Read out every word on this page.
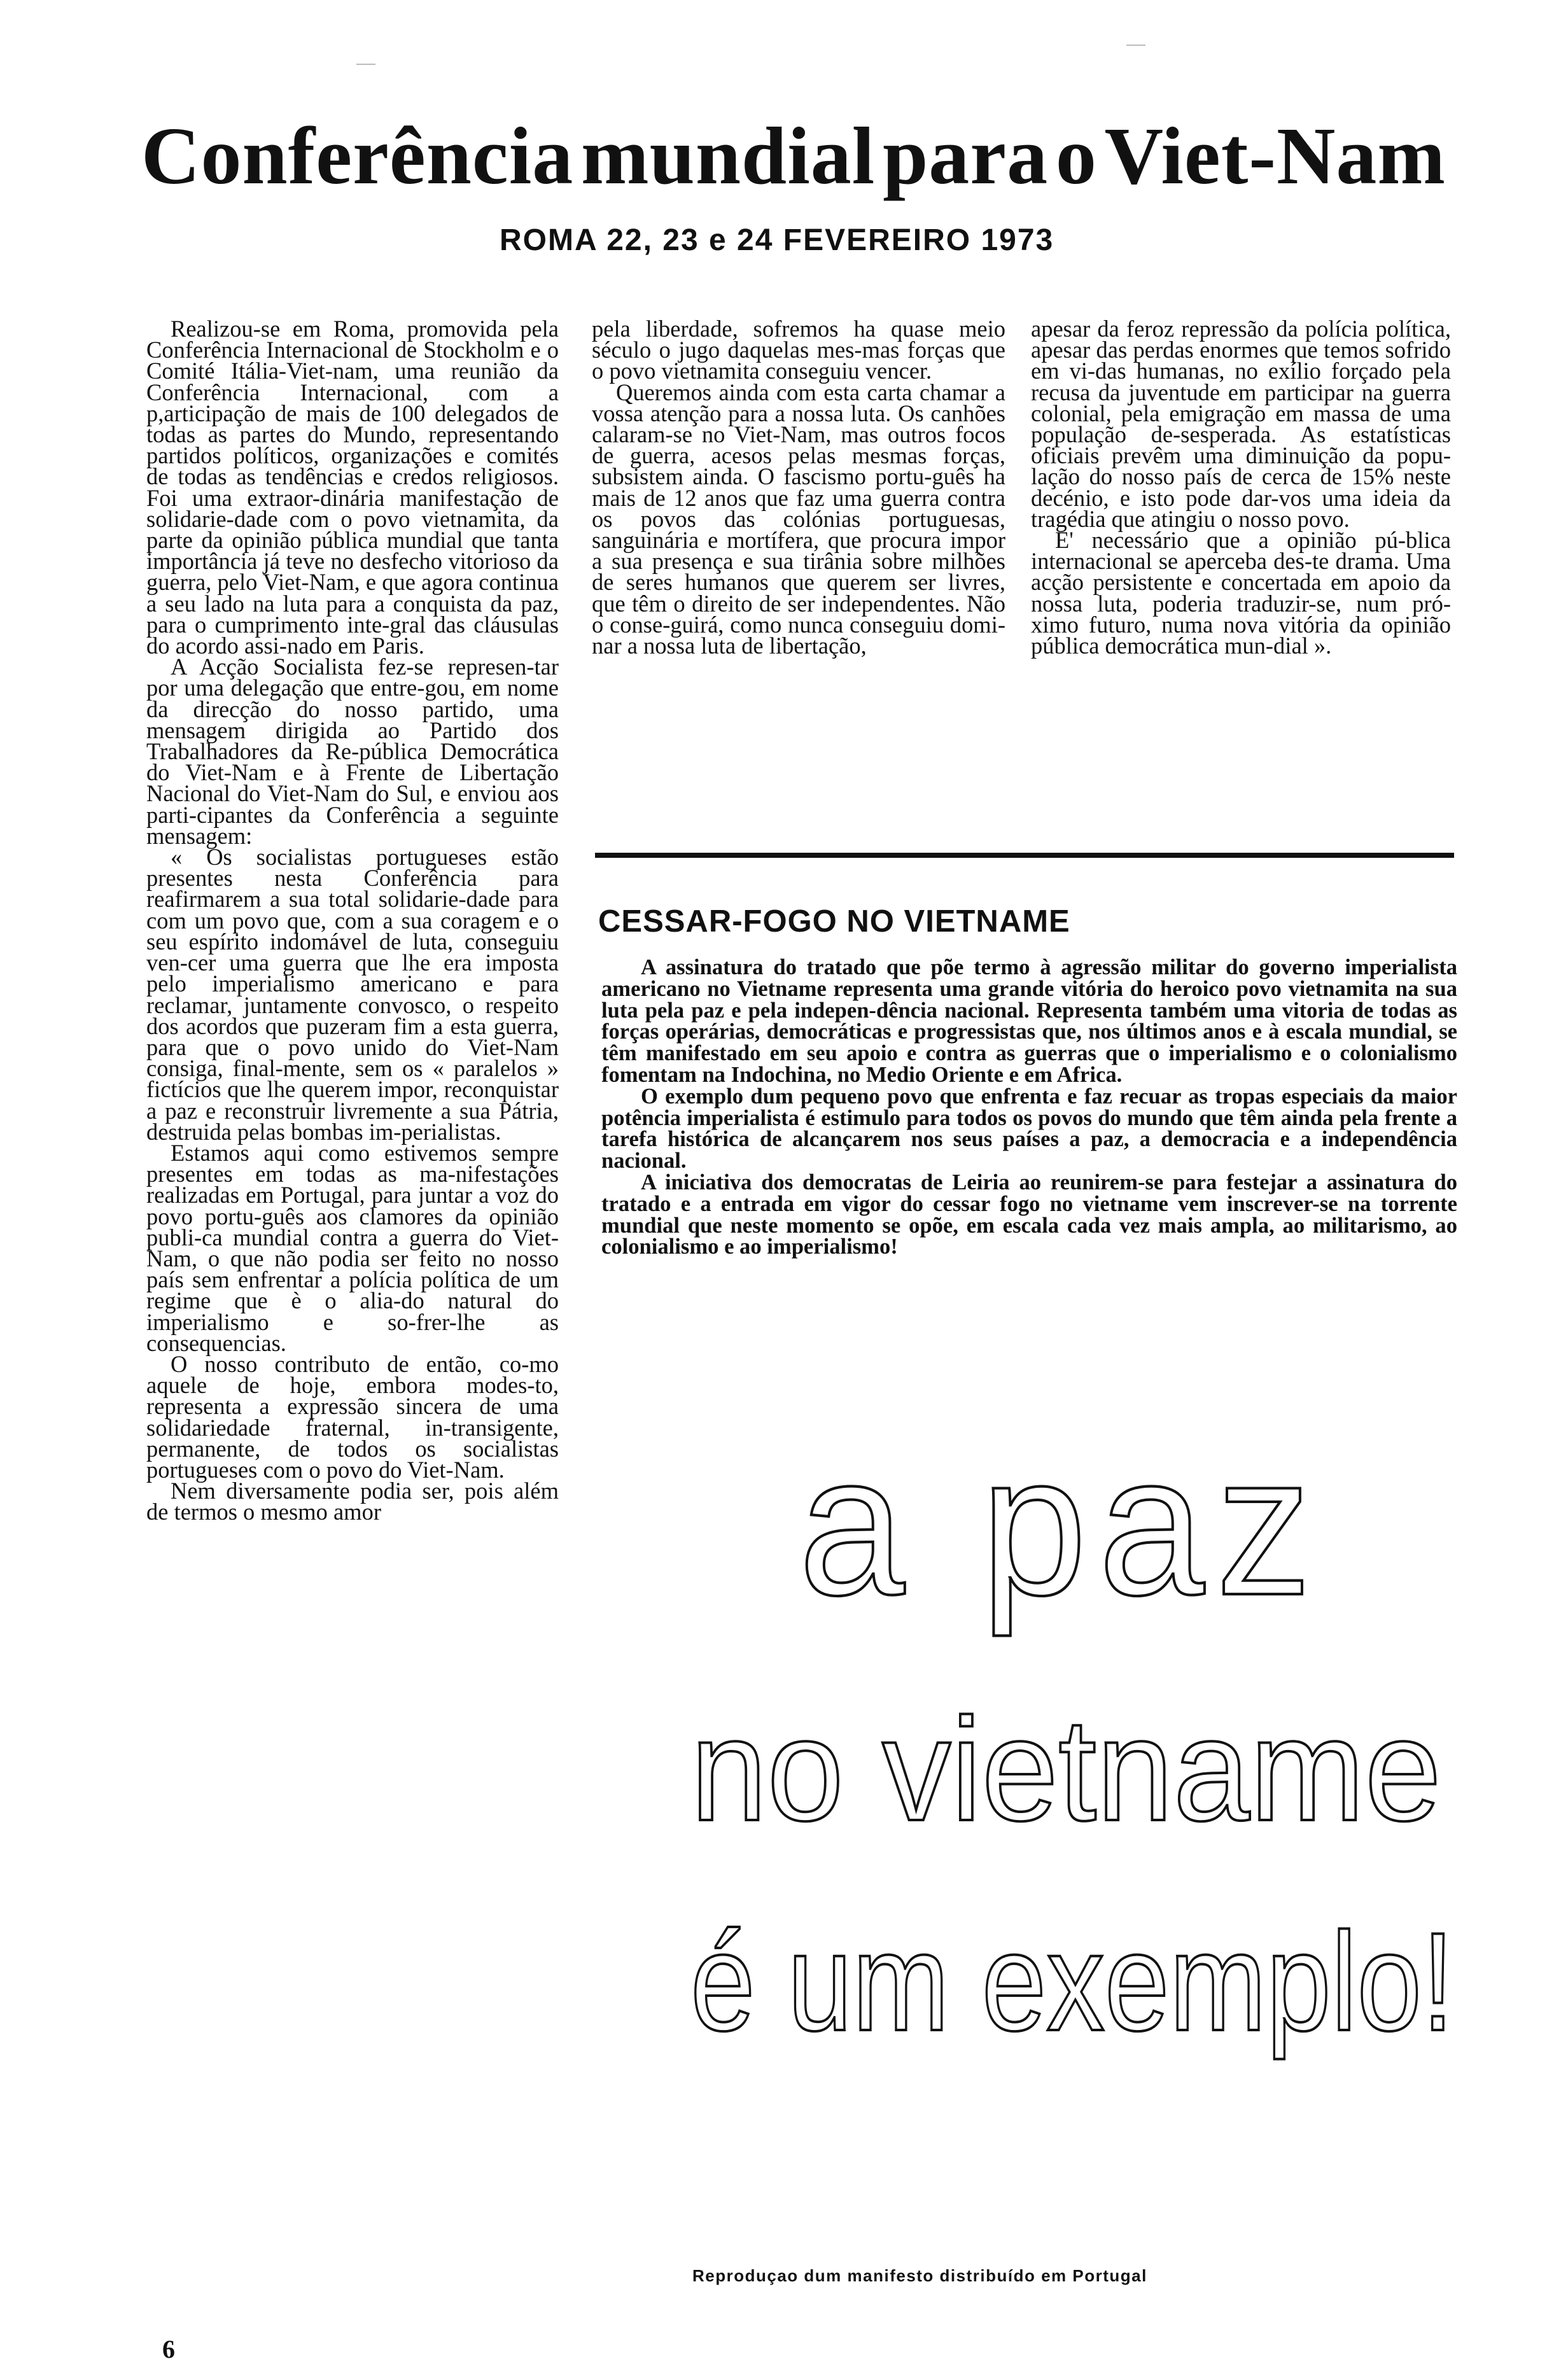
Conferência mundial para o Viet-Nam
ROMA 22, 23 e 24 FEVEREIRO 1973

Realizou-se em Roma, promovida pela Conferência Internacional de Stockholm e o Comité Itália-Viet-nam, uma reunião da Conferência Internacional, com a p,articipação de mais de 100 delegados de todas as partes do Mundo, representando partidos políticos, organizações e comités de todas as tendências e credos religiosos. Foi uma extraor-dinária manifestação de solidarie-dade com o povo vietnamita, da parte da opinião pública mundial que tanta importância já teve no desfecho vitorioso da guerra, pelo Viet-Nam, e que agora continua a seu lado na luta para a conquista da paz, para o cumprimento inte-gral das cláusulas do acordo assi-nado em Paris.

A Acção Socialista fez-se represen-tar por uma delegação que entre-gou, em nome da direcção do nosso partido, uma mensagem dirigida ao Partido dos Trabalhadores da Re-pública Democrática do Viet-Nam e à Frente de Libertação Nacional do Viet-Nam do Sul, e enviou aos parti-cipantes da Conferência a seguinte mensagem:

« Os socialistas portugueses estão presentes nesta Conferência para reafirmarem a sua total solidarie-dade para com um povo que, com a sua coragem e o seu espírito indomável de luta, conseguiu ven-cer uma guerra que lhe era imposta pelo imperialismo americano e para reclamar, juntamente convosco, o respeito dos acordos que puzeram fim a esta guerra, para que o povo unido do Viet-Nam consiga, final-mente, sem os « paralelos » fictícios que lhe querem impor, reconquistar a paz e reconstruir livremente a sua Pátria, destruida pelas bombas im-perialistas.

Estamos aqui como estivemos sempre presentes em todas as ma-nifestações realizadas em Portugal, para juntar a voz do povo portu-guês aos clamores da opinião publi-ca mundial contra a guerra do Viet-Nam, o que não podia ser feito no nosso país sem enfrentar a polícia política de um regime que è o alia-do natural do imperialismo e so-frer-lhe as consequencias.

O nosso contributo de então, co-mo aquele de hoje, embora modes-to, representa a expressão sincera de uma solidariedade fraternal, in-transigente, permanente, de todos os socialistas portugueses com o povo do Viet-Nam.

Nem diversamente podia ser, pois além de termos o mesmo amor

pela liberdade, sofremos ha quase meio século o jugo daquelas mes-mas forças que o povo vietnamita conseguiu vencer.

Queremos ainda com esta carta chamar a vossa atenção para a nossa luta. Os canhões calaram-se no Viet-Nam, mas outros focos de guerra, acesos pelas mesmas forças, subsistem ainda. O fascismo portu-guês ha mais de 12 anos que faz uma guerra contra os povos das colónias portuguesas, sanguinária e mortífera, que procura impor a sua presença e sua tirânia sobre milhões de seres humanos que querem ser livres, que têm o direito de ser independentes. Não o conse-guirá, como nunca conseguiu domi-nar a nossa luta de libertação,

apesar da feroz repressão da polícia política, apesar das perdas enormes que temos sofrido em vi-das humanas, no exílio forçado pela recusa da juventude em participar na guerra colonial, pela emigração em massa de uma população de-sesperada. As estatísticas oficiais prevêm uma diminuição da popu-lação do nosso país de cerca de 15% neste decénio, e isto pode dar-vos uma ideia da tragédia que atingiu o nosso povo.

E' necessário que a opinião pú-blica internacional se aperceba des-te drama. Uma acção persistente e concertada em apoio da nossa luta, poderia traduzir-se, num pró-ximo futuro, numa nova vitória da opinião pública democrática mun-dial ».

CESSAR-FOGO NO VIETNAME

A assinatura do tratado que põe termo à agressão militar do governo imperialista americano no Vietname representa uma grande vitória do heroico povo vietnamita na sua luta pela paz e pela indepen-dência nacional. Representa também uma vitoria de todas as forças operárias, democráticas e progressistas que, nos últimos anos e à escala mundial, se têm manifestado em seu apoio e contra as guerras que o imperialismo e o colonialismo fomentam na Indochina, no Medio Oriente e em Africa.

O exemplo dum pequeno povo que enfrenta e faz recuar as tropas especiais da maior potência imperialista é estimulo para todos os povos do mundo que têm ainda pela frente a tarefa histórica de alcançarem nos seus países a paz, a democracia e a independência nacional.

A iniciativa dos democratas de Leiria ao reunirem-se para festejar a assinatura do tratado e a entrada em vigor do cessar fogo no vietname vem inscrever-se na torrente mundial que neste momento se opõe, em escala cada vez mais ampla, ao militarismo, ao colonialismo e ao imperialismo!

a paz
no vietname
é um exemplo!
Reproduçao dum manifesto distribuído em Portugal
6
